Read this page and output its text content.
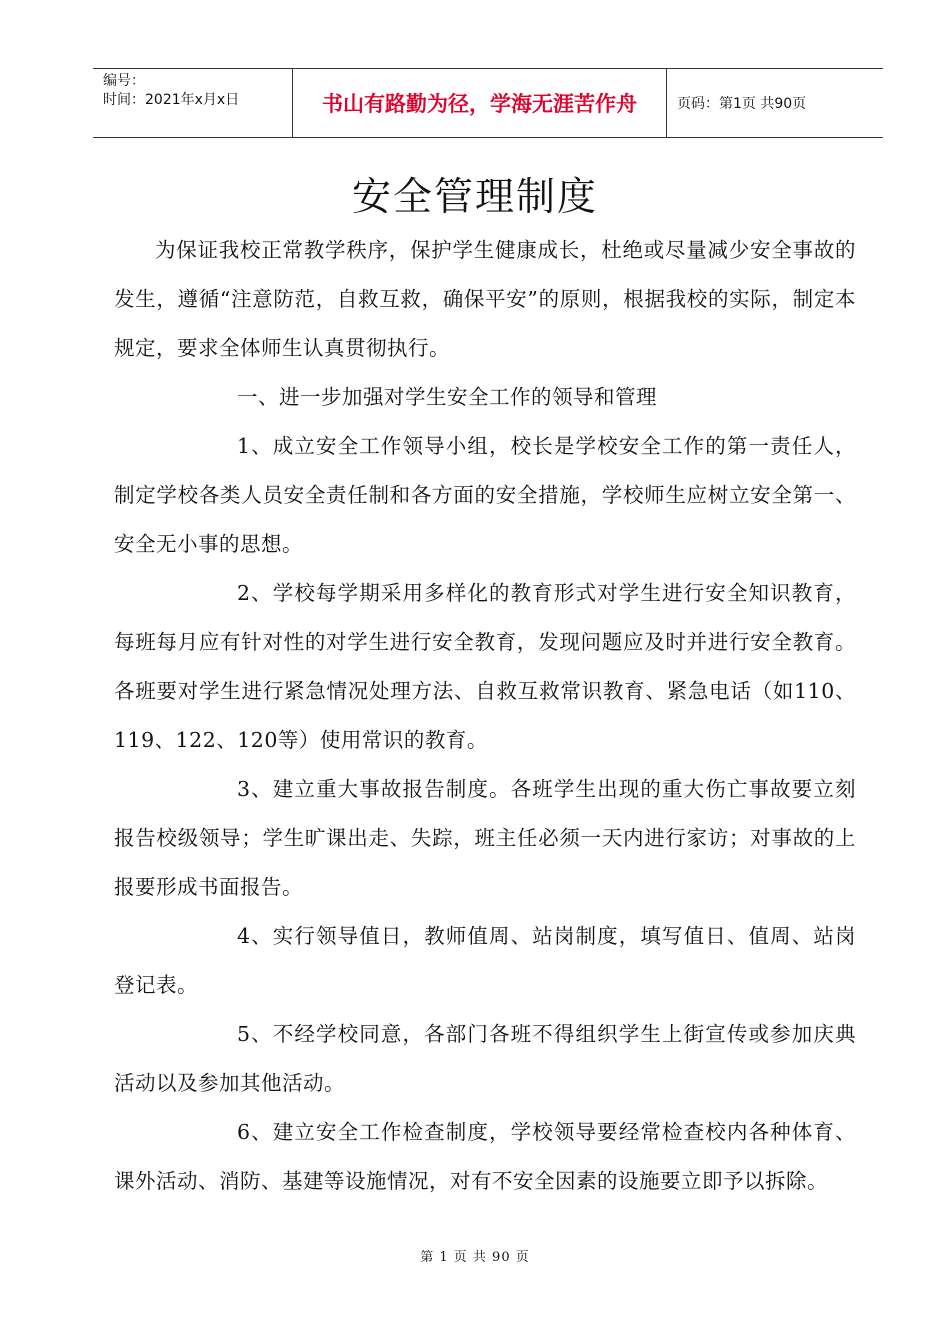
编号：
时间：2021年x月x日	书山有路勤为径，学海无涯苦作舟	页码：第1页 共90页
安全管理制度

为保证我校正常教学秩序，保护学生健康成长，杜绝或尽量减少安全事故的发生，遵循“注意防范，自救互救，确保平安”的原则，根据我校的实际，制定本规定，要求全体师生认真贯彻执行。

一、进一步加强对学生安全工作的领导和管理

1、成立安全工作领导小组，校长是学校安全工作的第一责任人，制定学校各类人员安全责任制和各方面的安全措施，学校师生应树立安全第一、安全无小事的思想。

2、学校每学期采用多样化的教育形式对学生进行安全知识教育，每班每月应有针对性的对学生进行安全教育，发现问题应及时并进行安全教育。各班要对学生进行紧急情况处理方法、自救互救常识教育、紧急电话（如110、119、122、120等）使用常识的教育。

3、建立重大事故报告制度。各班学生出现的重大伤亡事故要立刻报告校级领导；学生旷课出走、失踪，班主任必须一天内进行家访；对事故的上报要形成书面报告。

4、实行领导值日，教师值周、站岗制度，填写值日、值周、站岗登记表。

5、不经学校同意，各部门各班不得组织学生上街宣传或参加庆典活动以及参加其他活动。

6、建立安全工作检查制度，学校领导要经常检查校内各种体育、课外活动、消防、基建等设施情况，对有不安全因素的设施要立即予以拆除。

第 1 页 共 90 页
